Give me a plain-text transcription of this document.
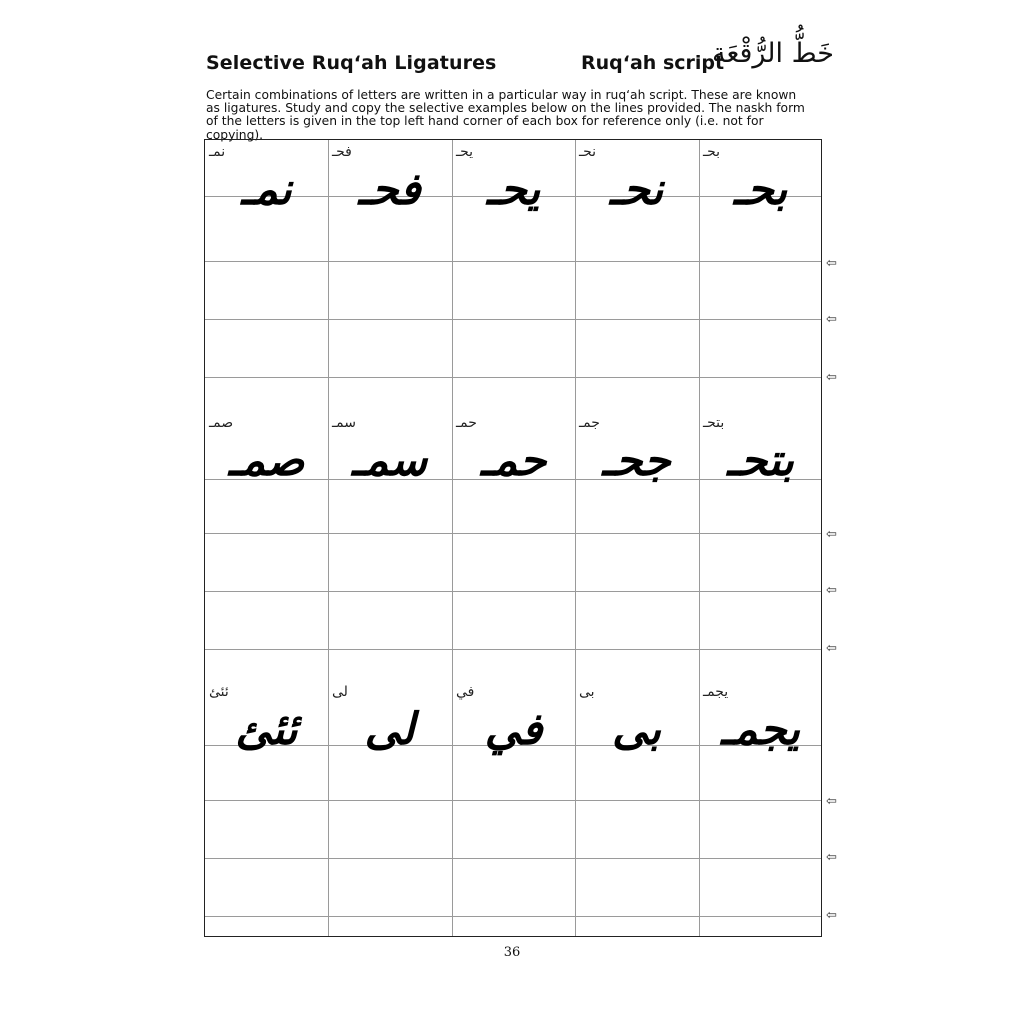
Selective Ruq‘ah Ligatures	Ruq‘ah script
خَطُّ الرُّقْعَة
Certain combinations of letters are written in a particular way in ruq‘ah script. These are known as ligatures. Study and copy the selective examples below on the lines provided. The naskh form of the letters is given in the top left hand corner of each box for reference only (i.e. not for copying).
نمـ
نمـ
فحـ
فحـ
يحـ
يحـ
نحـ
نحـ
بحـ
بحـ
صمـ
صمـ
سمـ
سمـ
حمـ
حمـ
جمـ
جحـ
بتحـ
بتحـ
ئئئ
ئئئ
لى
لى
في
في
بى
بى
يجمـ
يجمـ
36
⇦
⇦
⇦
⇦
⇦
⇦
⇦
⇦
⇦
